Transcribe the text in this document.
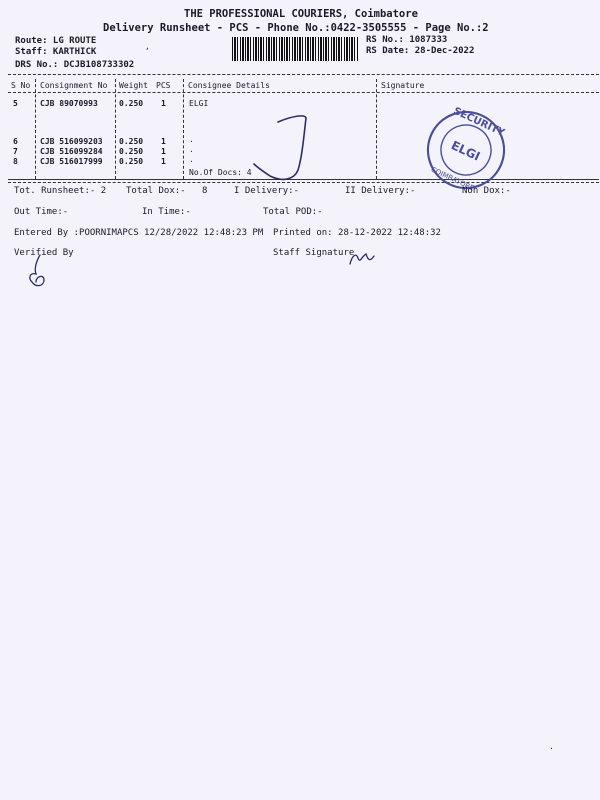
THE PROFESSIONAL COURIERS, Coimbatore
Delivery Runsheet - PCS - Phone No.:0422-3505555 - Page No.:2
Route: LG ROUTE
Staff: KARTHICK
DRS No.: DCJB108733302
RS No.: 1087333
RS Date: 28-Dec-2022
S No Consignment No Weight PCS Consignee Details	Signature
5	CJB 89070993	0.250 1	ELGI
6	CJB 516099203 0.250 1	.
7	CJB 516099284 0.250 1	.
8	CJB 516017999 0.250 1	.
No.Of Docs: 4
SECURITY
ELGI
COIMBATORE
Tot. Runsheet:- 2 Total Dox:- 8	I Delivery:-	II Delivery:-	Non Dox:-
Out Time:-	In Time:-	Total POD:-
Entered By :POORNIMAPCS 12/28/2022 12:48:23 PM Printed on: 28-12-2022 12:48:32
Verified By	Staff Signature
,
.
